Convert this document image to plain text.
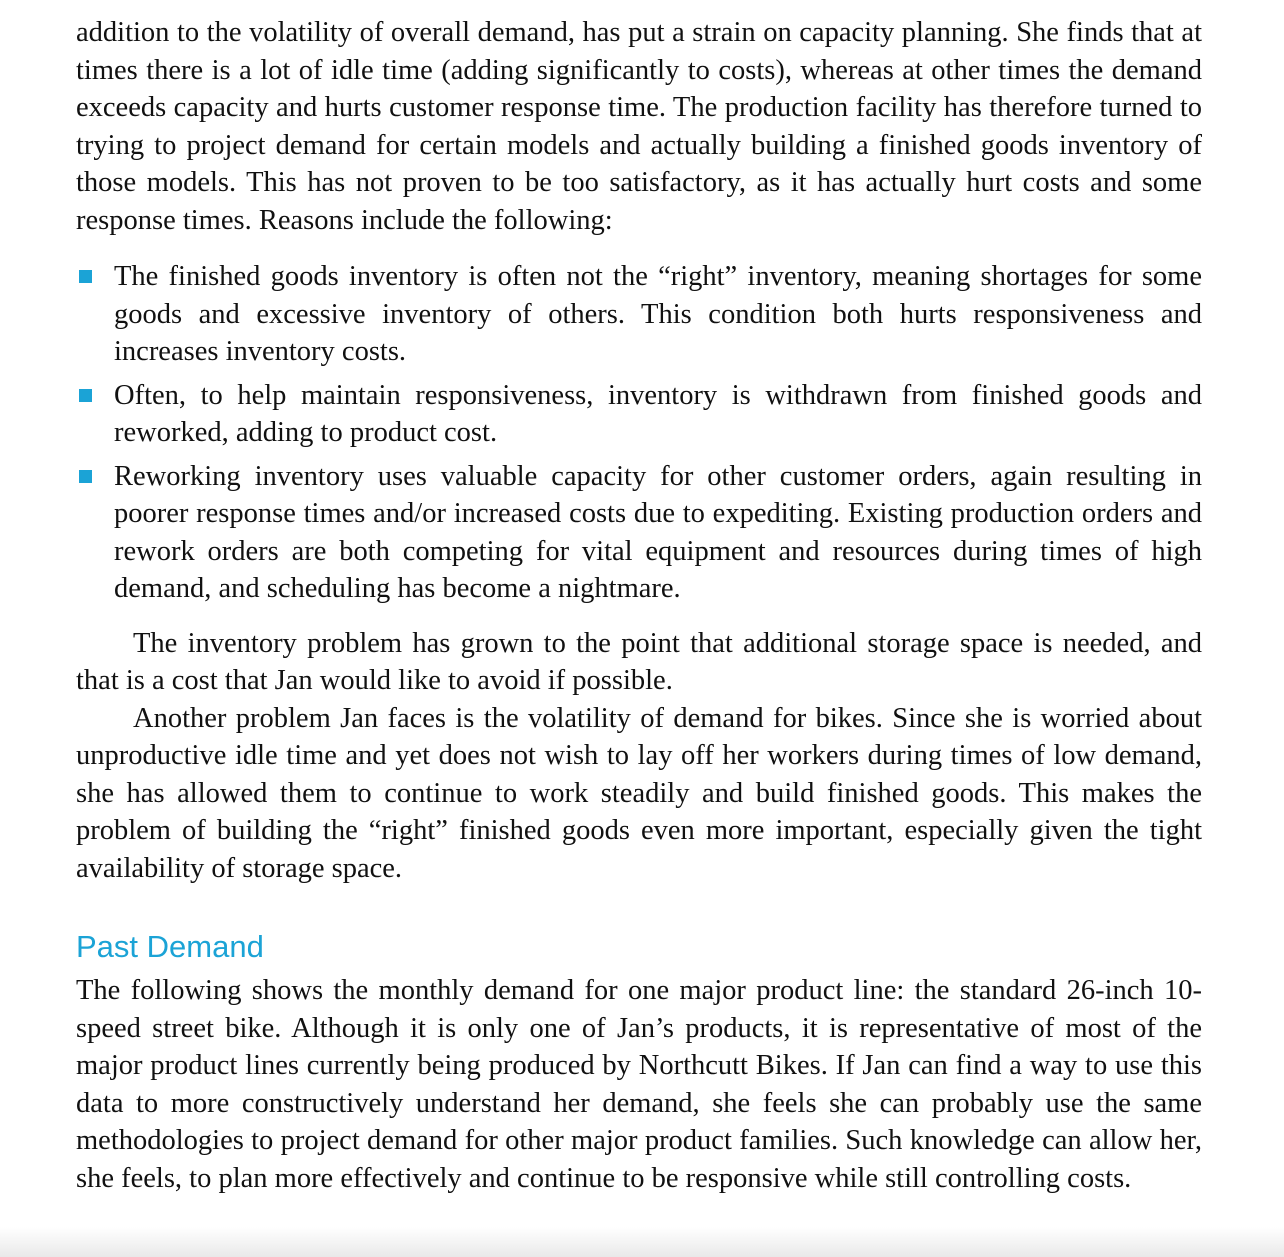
addition to the volatility of overall demand, has put a strain on capacity planning. She finds that at times there is a lot of idle time (adding significantly to costs), whereas at other times the demand exceeds capacity and hurts customer response time. The production facility has therefore turned to trying to project demand for certain models and actually building a finished goods inventory of those models. This has not proven to be too satisfactory, as it has actually hurt costs and some response times. Reasons include the following:

The finished goods inventory is often not the “right” inventory, meaning shortages for some goods and excessive inventory of others. This condition both hurts responsiveness and increases inventory costs.
Often, to help maintain responsiveness, inventory is withdrawn from finished goods and reworked, adding to product cost.
Reworking inventory uses valuable capacity for other customer orders, again resulting in poorer response times and/or increased costs due to expediting. Existing production orders and rework orders are both competing for vital equipment and resources during times of high demand, and scheduling has become a nightmare.

The inventory problem has grown to the point that additional storage space is needed, and that is a cost that Jan would like to avoid if possible.

Another problem Jan faces is the volatility of demand for bikes. Since she is worried about unproductive idle time and yet does not wish to lay off her workers during times of low demand, she has allowed them to continue to work steadily and build finished goods. This makes the problem of building the “right” finished goods even more important, especially given the tight availability of storage space.

Past Demand

The following shows the monthly demand for one major product line: the standard 26-inch 10-speed street bike. Although it is only one of Jan’s products, it is representative of most of the major product lines currently being produced by Northcutt Bikes. If Jan can find a way to use this data to more constructively understand her demand, she feels she can probably use the same methodologies to project demand for other major product families. Such knowledge can allow her, she feels, to plan more effectively and continue to be responsive while still controlling costs.
